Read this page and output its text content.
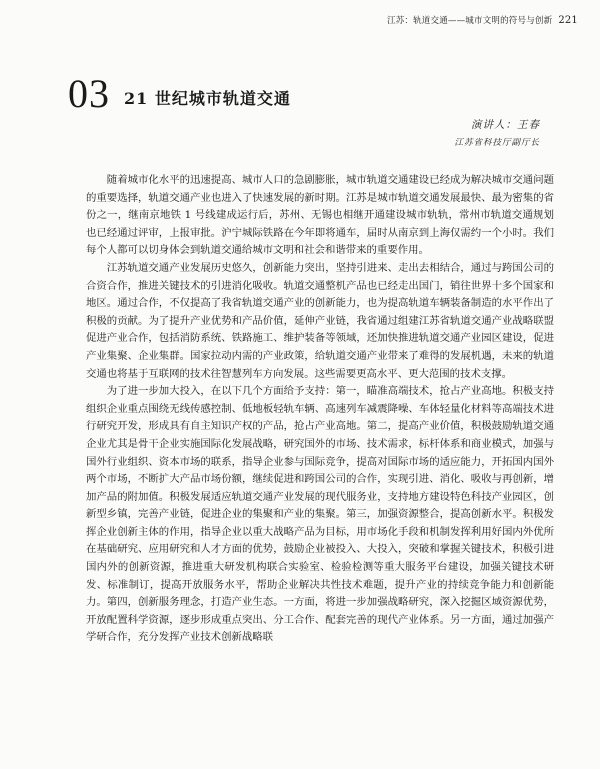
江苏：轨道交通——城市文明的符号与创新 221
03 21 世纪城市轨道交通
演讲人：王春
江苏省科技厅副厅长

随着城市化水平的迅速提高、城市人口的急剧膨胀，城市轨道交通建设已经成为解决城市交通问题的重要选择，轨道交通产业也进入了快速发展的新时期。江苏是城市轨道交通发展最快、最为密集的省份之一，继南京地铁 1 号线建成运行后，苏州、无锡也相继开通建设城市轨轨，常州市轨道交通规划也已经通过评审，上报审批。沪宁城际铁路在今年即将通车，届时从南京到上海仅需约一个小时。我们每个人都可以切身体会到轨道交通给城市文明和社会和谐带来的重要作用。

江苏轨道交通产业发展历史悠久，创新能力突出，坚持引进来、走出去相结合，通过与跨国公司的合资合作，推进关键技术的引进消化吸收。轨道交通整机产品也已经走出国门，销往世界十多个国家和地区。通过合作，不仅提高了我省轨道交通产业的创新能力，也为提高轨道车辆装备制造的水平作出了积极的贡献。为了提升产业优势和产品价值，延伸产业链，我省通过组建江苏省轨道交通产业战略联盟促进产业合作，包括消防系统、铁路施工、维护装备等领域，还加快推进轨道交通产业园区建设，促进产业集聚、企业集群。国家拉动内需的产业政策，给轨道交通产业带来了难得的发展机遇，未来的轨道交通也将基于互联网的技术往智慧列车方向发展。这些需要更高水平、更大范围的技术支撑。

为了进一步加大投入，在以下几个方面给予支持：第一，瞄准高端技术，抢占产业高地。积极支持组织企业重点围绕无线传感控制、低地板轻轨车辆、高速列车减震降噪、车体轻量化材料等高端技术进行研究开发，形成具有自主知识产权的产品，抢占产业高地。第二，提高产业价值，积极鼓励轨道交通企业尤其是骨干企业实施国际化发展战略，研究国外的市场、技术需求，标杆体系和商业模式，加强与国外行业组织、资本市场的联系，指导企业参与国际竞争，提高对国际市场的适应能力，开拓国内国外两个市场，不断扩大产品市场份额，继续促进和跨国公司的合作，实现引进、消化、吸收与再创新，增加产品的附加值。积极发展适应轨道交通产业发展的现代服务业，支持地方建设特色科技产业园区，创新型乡镇，完善产业链，促进企业的集聚和产业的集聚。第三，加强资源整合，提高创新水平。积极发挥企业创新主体的作用，指导企业以重大战略产品为目标，用市场化手段和机制发挥利用好国内外优所在基础研究、应用研究和人才方面的优势，鼓励企业被投入、大投入，突破和掌握关键技术，积极引进国内外的创新资源，推进重大研发机构联合实验室、检验检测等重大服务平台建设，加强关键技术研发、标准制订，提高开放服务水平，帮助企业解决共性技术难题，提升产业的持续竞争能力和创新能力。第四，创新服务理念，打造产业生态。一方面，将进一步加强战略研究，深入挖掘区域资源优势，开放配置科学资源，逐步形成重点突出、分工合作、配套完善的现代产业体系。另一方面，通过加强产学研合作，充分发挥产业技术创新战略联
